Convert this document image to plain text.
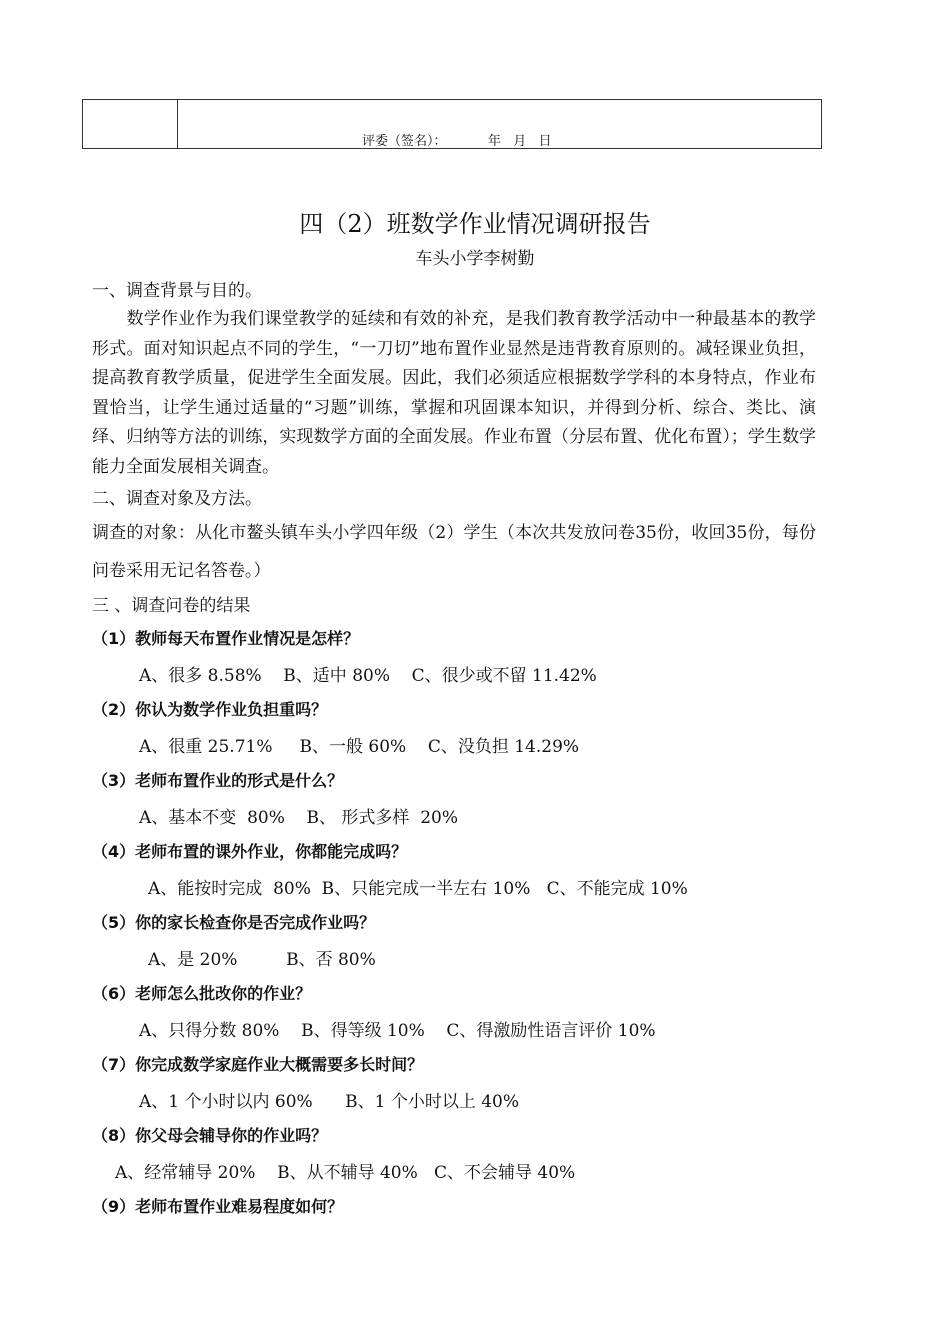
评委（签名）：	年   月   日
四（2）班数学作业情况调研报告
车头小学李树勤
一、调查背景与目的。
　　数学作业作为我们课堂教学的延续和有效的补充，是我们教育教学活动中一种最基本的教学形式。面对知识起点不同的学生，“一刀切”地布置作业显然是违背教育原则的。减轻课业负担，提高教育教学质量，促进学生全面发展。因此，我们必须适应根据数学学科的本身特点，作业布置恰当，让学生通过适量的“习题”训练，掌握和巩固课本知识，并得到分析、综合、类比、演绎、归纳等方法的训练，实现数学方面的全面发展。作业布置（分层布置、优化布置）；学生数学能力全面发展相关调查。
二、调查对象及方法。
调查的对象：从化市鳌头镇车头小学四年级（2）学生（本次共发放问卷35份，收回35份，每份问卷采用无记名答卷。）
三 、调查问卷的结果
（1）教师每天布置作业情况是怎样？
A、很多 8.58%    B、适中 80%    C、很少或不留 11.42%
（2）你认为数学作业负担重吗？
A、很重 25.71%     B、一般 60%    C、没负担 14.29%
（3）老师布置作业的形式是什么？
A、基本不变  80%    B、 形式多样  20%
（4）老师布置的课外作业，你都能完成吗？
A、能按时完成  80%  B、只能完成一半左右 10%   C、不能完成 10%
（5）你的家长检查你是否完成作业吗？
A、是 20%         B、否 80%
（6）老师怎么批改你的作业？
A、只得分数 80%    B、得等级 10%    C、得激励性语言评价 10%
（7）你完成数学家庭作业大概需要多长时间？
A、1 个小时以内 60%      B、1 个小时以上 40%
（8）你父母会辅导你的作业吗？
A、经常辅导 20%    B、从不辅导 40%   C、不会辅导 40%
（9）老师布置作业难易程度如何？
